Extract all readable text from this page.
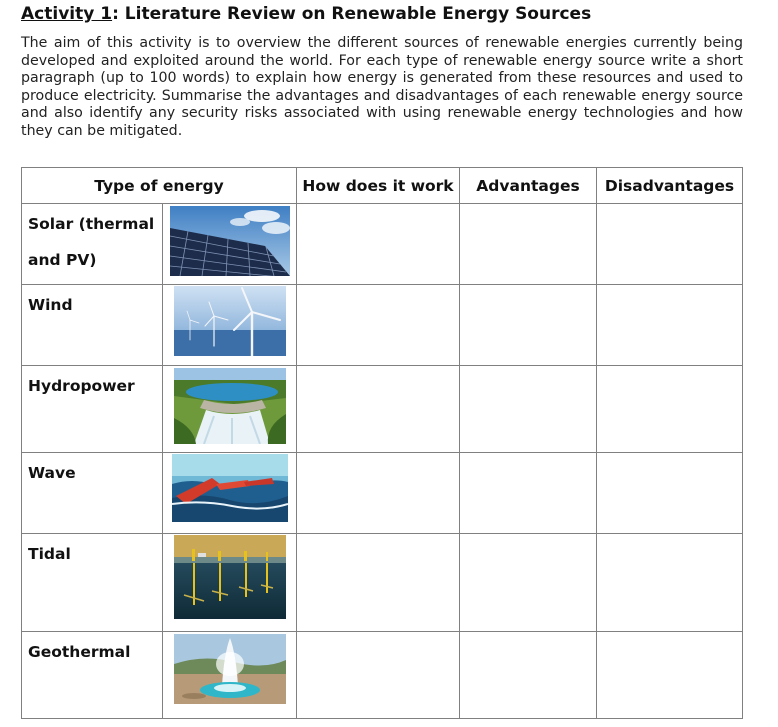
Activity 1: Literature Review on Renewable Energy Sources

The aim of this activity is to overview the different sources of renewable energies currently being developed and exploited around the world. For each type of renewable energy source write a short paragraph (up to 100 words) to explain how energy is generated from these resources and used to produce electricity. Summarise the advantages and disadvantages of each renewable energy source and also identify any security risks associated with using renewable energy technologies and how they can be mitigated.

Type of energy		How does it work	Advantages	Disadvantages

Solar (thermal and PV)

Wind

Hydropower

Wave

Tidal

Geothermal
